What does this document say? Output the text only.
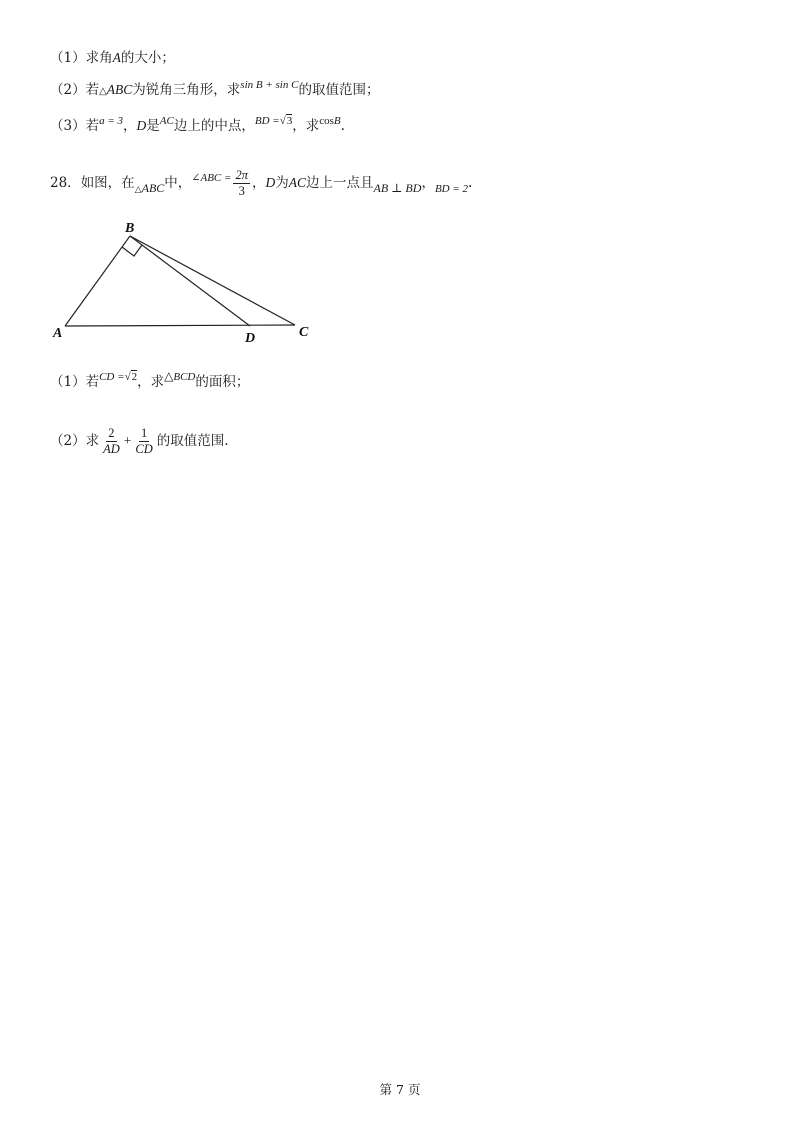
（1）求角A的大小；
（2）若△ABC为锐角三角形，求$^{sin B + sin C}$的取值范围；
（3）若$^{a = 3}$，D是$^{AC}$边上的中点，$^{BD =√3}$，求$^{cosB}$.
28．如图，在$_\triangle$ABC中，$^{\angle ABC =} \frac{2\pi}{3}$ ，D为AC边上一点且AB ⊥ BD，$_{BD = 2}$.
B
A	D	C
（1）若$^{CD =√2}$，求△$^{BCD}$的面积；
（2）求 $\frac{2}{AD} + \frac{1}{CD}$ 的取值范围.
第 7 页
